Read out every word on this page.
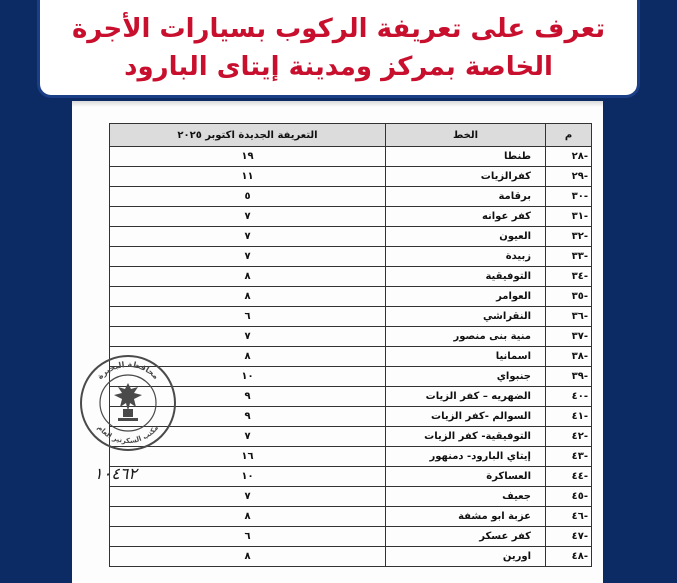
تعرف على تعريفة الركوب بسيارات الأجرة
الخاصة بمركز ومدينة إيتاى البارود
م	الخط	التعريفة الجديدة اكتوبر ٢٠٢٥
-٢٨	طنطا	١٩
-٢٩	كفرالزيات	١١
-٣٠	برقامة	٥
-٣١	كفر عوانه	٧
-٣٢	العيون	٧
-٣٣	زبيدة	٧
-٣٤	التوفيقية	٨
-٣٥	العوامر	٨
-٣٦	النقراشي	٦
-٣٧	منية بنى منصور	٧
-٣٨	اسمانيا	٨
-٣٩	جنبواي	١٠
-٤٠	الضهريه – كفر الزيات	٩
-٤١	السوالم -كفر الزيات	٩
-٤٢	التوفيقية- كفر الزيات	٧
-٤٣	إيتاي البارود- دمنهور	١٦
-٤٤	العساكرة	١٠
-٤٥	جعيف	٧
-٤٦	عزبة ابو مشفة	٨
-٤٧	كفر عسكر	٦
-٤٨	اورين	٨
محافظة البحيرة
مكتب السكرتير العام
١٠٤٦٢
